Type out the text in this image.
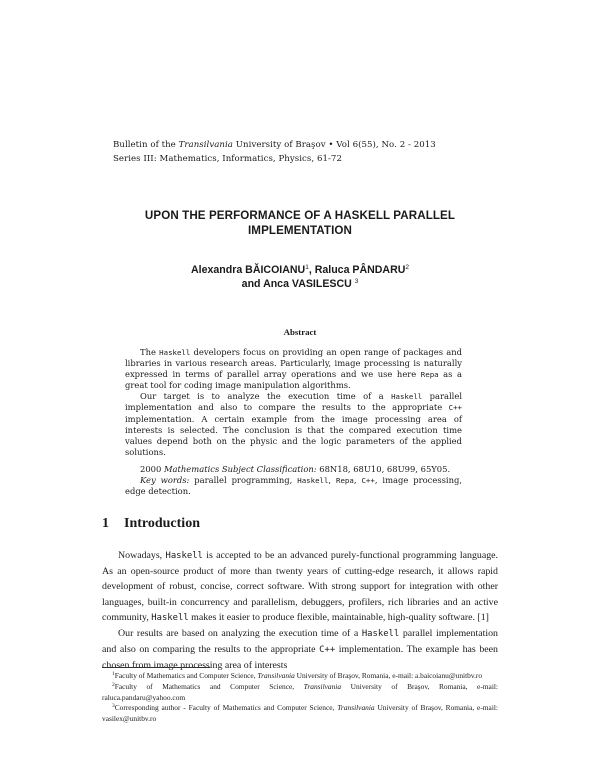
Bulletin of the Transilvania University of Braşov • Vol 6(55), No. 2 - 2013
Series III: Mathematics, Informatics, Physics, 61-72
UPON THE PERFORMANCE OF A HASKELL PARALLEL
IMPLEMENTATION
Alexandra BĂICOIANU$^1$, Raluca PÂNDARU$^2$
and Anca VASILESCU $^3$
Abstract

The Haskell developers focus on providing an open range of packages and libraries in various research areas. Particularly, image processing is naturally expressed in terms of parallel array operations and we use here Repa as a great tool for coding image manipulation algorithms.

Our target is to analyze the execution time of a Haskell parallel implementation and also to compare the results to the appropriate C++ implementation. A certain example from the image processing area of interests is selected. The conclusion is that the compared execution time values depend both on the physic and the logic parameters of the applied solutions.

2000 Mathematics Subject Classification: 68N18, 68U10, 68U99, 65Y05.

Key words: parallel programming, Haskell, Repa, C++, image processing, edge detection.

1 Introduction

Nowadays, Haskell is accepted to be an advanced purely-functional programming language. As an open-source product of more than twenty years of cutting-edge research, it allows rapid development of robust, concise, correct software. With strong support for integration with other languages, built-in concurrency and parallelism, debuggers, profilers, rich libraries and an active community, Haskell makes it easier to produce flexible, maintainable, high-quality software. [1]

Our results are based on analyzing the execution time of a Haskell parallel implementation and also on comparing the results to the appropriate C++ implementation. The example has been chosen from image processing area of interests

$^1$Faculty of Mathematics and Computer Science, Transilvania University of Braşov, Romania, e-mail: a.baicoianu@unitbv.ro

$^2$Faculty of Mathematics and Computer Science, Transilvania University of Braşov, Romania, e-mail: raluca.pandaru@yahoo.com

$^3$Corresponding author - Faculty of Mathematics and Computer Science, Transilvania University of Braşov, Romania, e-mail: vasilex@unitbv.ro
